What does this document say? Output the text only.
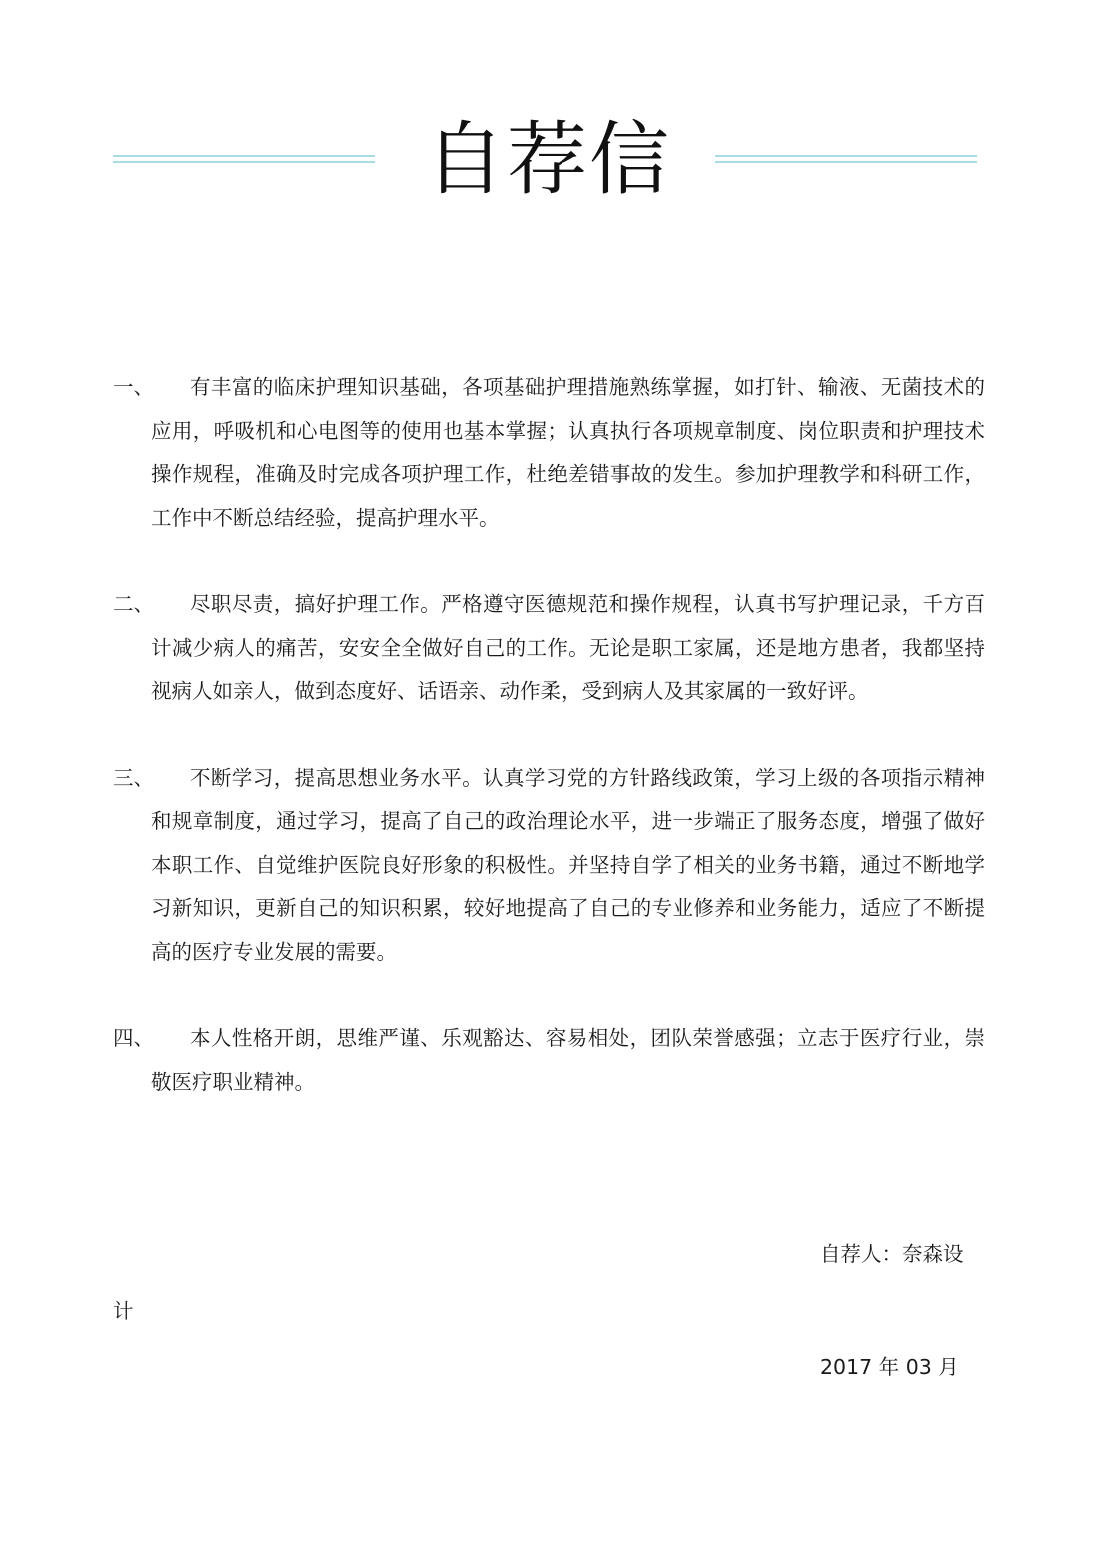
自荐信
一、	有丰富的临床护理知识基础，各项基础护理措施熟练掌握，如打针、输液、无菌技术的应用，呼吸机和心电图等的使用也基本掌握；认真执行各项规章制度、岗位职责和护理技术操作规程，准确及时完成各项护理工作，杜绝差错事故的发生。参加护理教学和科研工作，工作中不断总结经验，提高护理水平。
二、	尽职尽责，搞好护理工作。严格遵守医德规范和操作规程，认真书写护理记录，千方百计减少病人的痛苦，安安全全做好自己的工作。无论是职工家属，还是地方患者，我都坚持视病人如亲人，做到态度好、话语亲、动作柔，受到病人及其家属的一致好评。
三、	不断学习，提高思想业务水平。认真学习党的方针路线政策，学习上级的各项指示精神和规章制度，通过学习，提高了自己的政治理论水平，进一步端正了服务态度，增强了做好本职工作、自觉维护医院良好形象的积极性。并坚持自学了相关的业务书籍，通过不断地学习新知识，更新自己的知识积累，较好地提高了自己的专业修养和业务能力，适应了不断提高的医疗专业发展的需要。
四、	本人性格开朗，思维严谨、乐观豁达、容易相处，团队荣誉感强；立志于医疗行业，崇敬医疗职业精神。
自荐人：奈森设
计
2017 年 03 月
